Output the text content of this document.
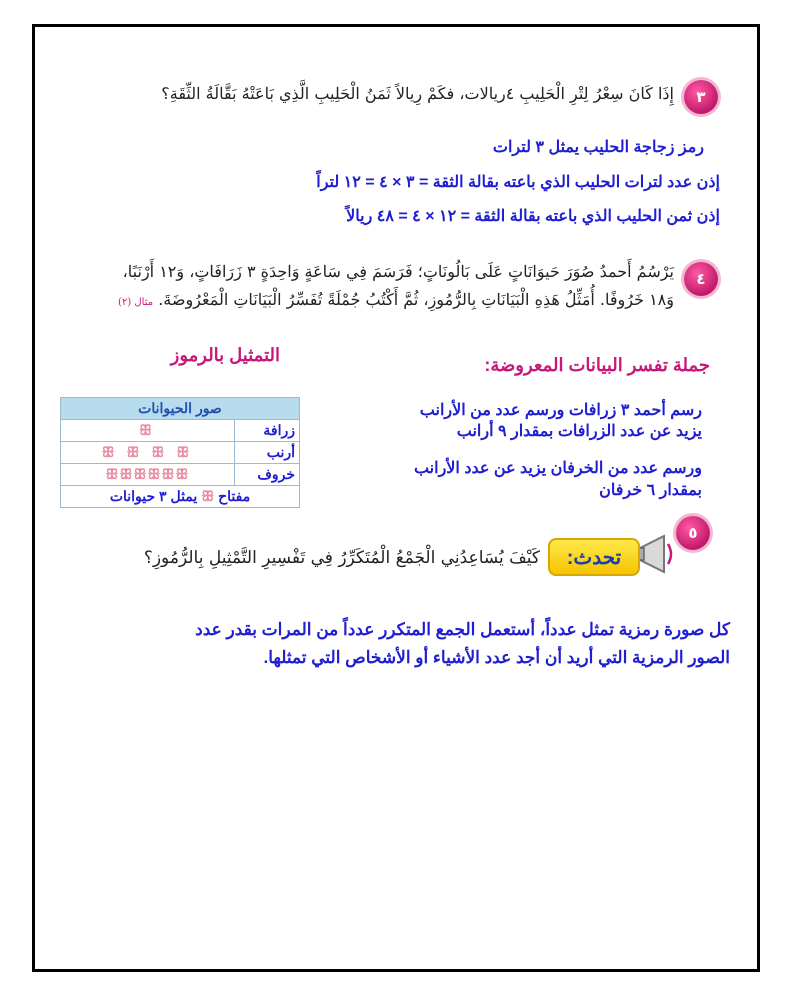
٣
إِذَا كَانَ سِعْرُ لِتْرِ الْحَلِيبِ ٤ريالات، فكَمْ رِيالاً ثَمَنُ الْحَلِيبِ الَّذِي بَاعَتْهُ بَقَّالَةُ الثِّقَةِ؟
رمز زجاجة الحليب يمثل ٣ لترات
إذن عدد لترات الحليب الذي باعته بقالة الثقة = ٣ × ٤ = ١٢ لتراً
إذن ثمن الحليب الذي باعته بقالة الثقة = ١٢ × ٤ = ٤٨ ريالاً
٤
يَرْسُمُ أَحمدُ صُوَرَ حَيوَانَاتٍ عَلَى بَالُونَاتٍ؛ فَرَسَمَ فِي سَاعَةٍ وَاحِدَةٍ ٣ زَرَافَاتٍ، وَ١٢ أَرْنَبًا،
وَ١٨ خَرُوفًا. أُمَثِّلُ هَذِهِ الْبَيَانَاتِ بِالرُّمُوزِ، ثُمَّ أَكْتُبُ جُمْلَةً تُفَسِّرُ الْبَيَانَاتِ الْمَعْرُوضَةَ. مثال (٢)
جملة تفسر البيانات المعروضة:
التمثيل بالرموز
رسم أحمد ٣ زرافات ورسم عدد من الأرانب
يزيد عن عدد الزرافات بمقدار ٩ أرانب
ورسم عدد من الخرفان يزيد عن عدد الأرانب
بمقدار ٦ خرفان
صور الحيوانات	
زرافة	ꕥ
أرنب	ꕥ ꕥ ꕥ ꕥ
خروف	ꕥꕥꕥꕥꕥꕥ
مفتاح ꕥ يمثل ٣ حيوانات	
٥
تحدث:
كَيْفَ يُسَاعِدُنِي الْجَمْعُ الْمُتَكَرِّرُ فِي تَفْسِيرِ التَّمْثِيلِ بِالرُّمُوزِ؟
كل صورة رمزية تمثل عدداً، أستعمل الجمع المتكرر عدداً من المرات بقدر عدد
الصور الرمزية التي أريد أن أجد عدد الأشياء أو الأشخاص التي تمثلها.
